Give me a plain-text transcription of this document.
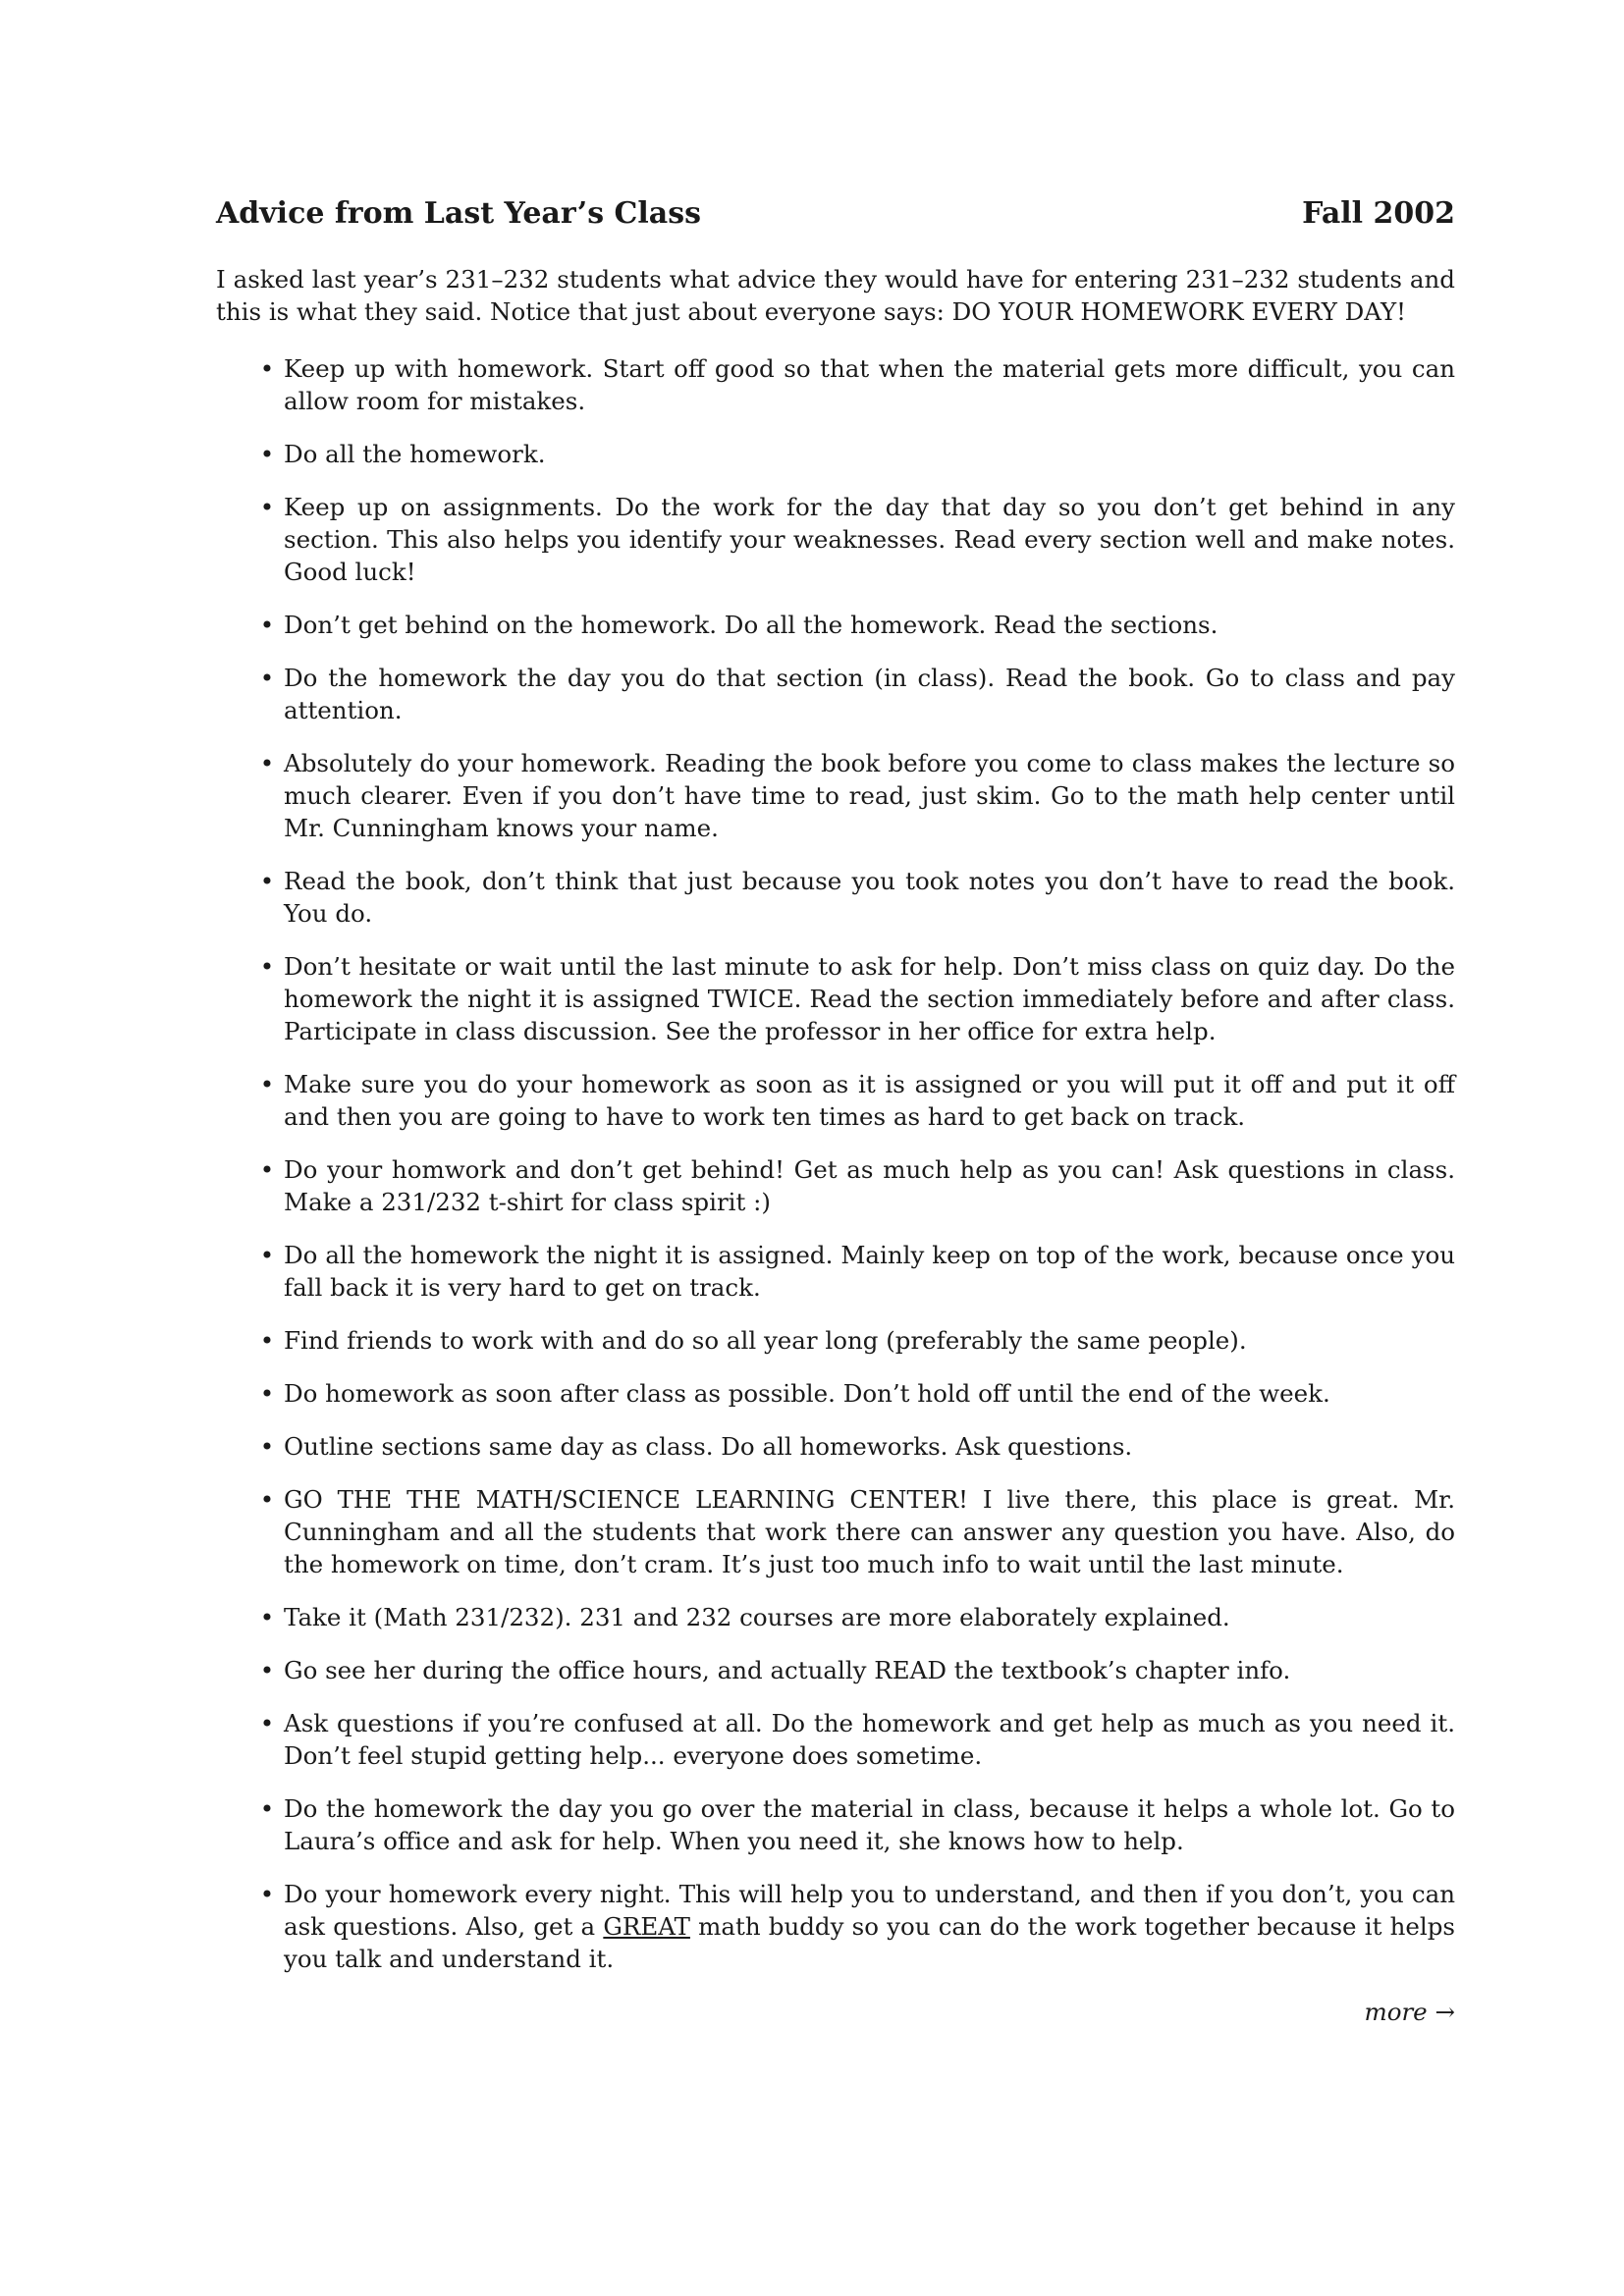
Advice from Last Year’s Class	Fall 2002

I asked last year’s 231–232 students what advice they would have for entering 231–232 students and this is what they said. Notice that just about everyone says: DO YOUR HOMEWORK EVERY DAY!

• Keep up with homework. Start off good so that when the material gets more difficult, you can allow room for mistakes.
• Do all the homework.
• Keep up on assignments. Do the work for the day that day so you don’t get behind in any section. This also helps you identify your weaknesses. Read every section well and make notes. Good luck!
• Don’t get behind on the homework. Do all the homework. Read the sections.
• Do the homework the day you do that section (in class). Read the book. Go to class and pay attention.
• Absolutely do your homework. Reading the book before you come to class makes the lecture so much clearer. Even if you don’t have time to read, just skim. Go to the math help center until Mr. Cunningham knows your name.
• Read the book, don’t think that just because you took notes you don’t have to read the book. You do.
• Don’t hesitate or wait until the last minute to ask for help. Don’t miss class on quiz day. Do the homework the night it is assigned TWICE. Read the section immediately before and after class. Participate in class discussion. See the professor in her office for extra help.
• Make sure you do your homework as soon as it is assigned or you will put it off and put it off and then you are going to have to work ten times as hard to get back on track.
• Do your homwork and don’t get behind! Get as much help as you can! Ask questions in class. Make a 231/232 t-shirt for class spirit :)
• Do all the homework the night it is assigned. Mainly keep on top of the work, because once you fall back it is very hard to get on track.
• Find friends to work with and do so all year long (preferably the same people).
• Do homework as soon after class as possible. Don’t hold off until the end of the week.
• Outline sections same day as class. Do all homeworks. Ask questions.
• GO THE THE MATH/SCIENCE LEARNING CENTER! I live there, this place is great. Mr. Cunningham and all the students that work there can answer any question you have. Also, do the homework on time, don’t cram. It’s just too much info to wait until the last minute.
• Take it (Math 231/232). 231 and 232 courses are more elaborately explained.
• Go see her during the office hours, and actually READ the textbook’s chapter info.
• Ask questions if you’re confused at all. Do the homework and get help as much as you need it. Don’t feel stupid getting help... everyone does sometime.
• Do the homework the day you go over the material in class, because it helps a whole lot. Go to Laura’s office and ask for help. When you need it, she knows how to help.
• Do your homework every night. This will help you to understand, and then if you don’t, you can ask questions. Also, get a GREAT math buddy so you can do the work together because it helps you talk and understand it.
more →
